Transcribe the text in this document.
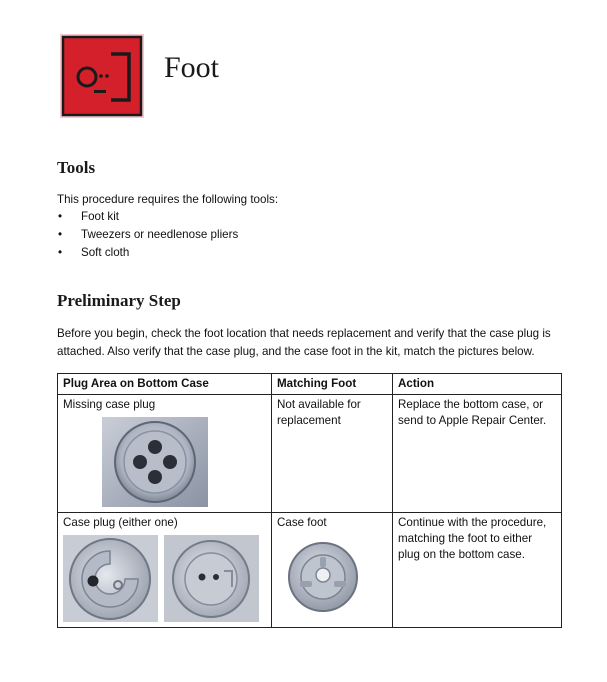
Foot
Tools

This procedure requires the following tools:

• Foot kit
• Tweezers or needlenose pliers
• Soft cloth
Preliminary Step

Before you begin, check the foot location that needs replacement and verify that the case plug is attached. Also verify that the case plug, and the case foot in the kit, match the pictures below.

Plug Area on Bottom Case	Matching Foot	Action

Missing case plug	Not available for replacement	Replace the bottom case, or send to Apple Repair Center.

Case plug (either one)	Case foot	Continue with the procedure, matching the foot to either plug on the bottom case.
